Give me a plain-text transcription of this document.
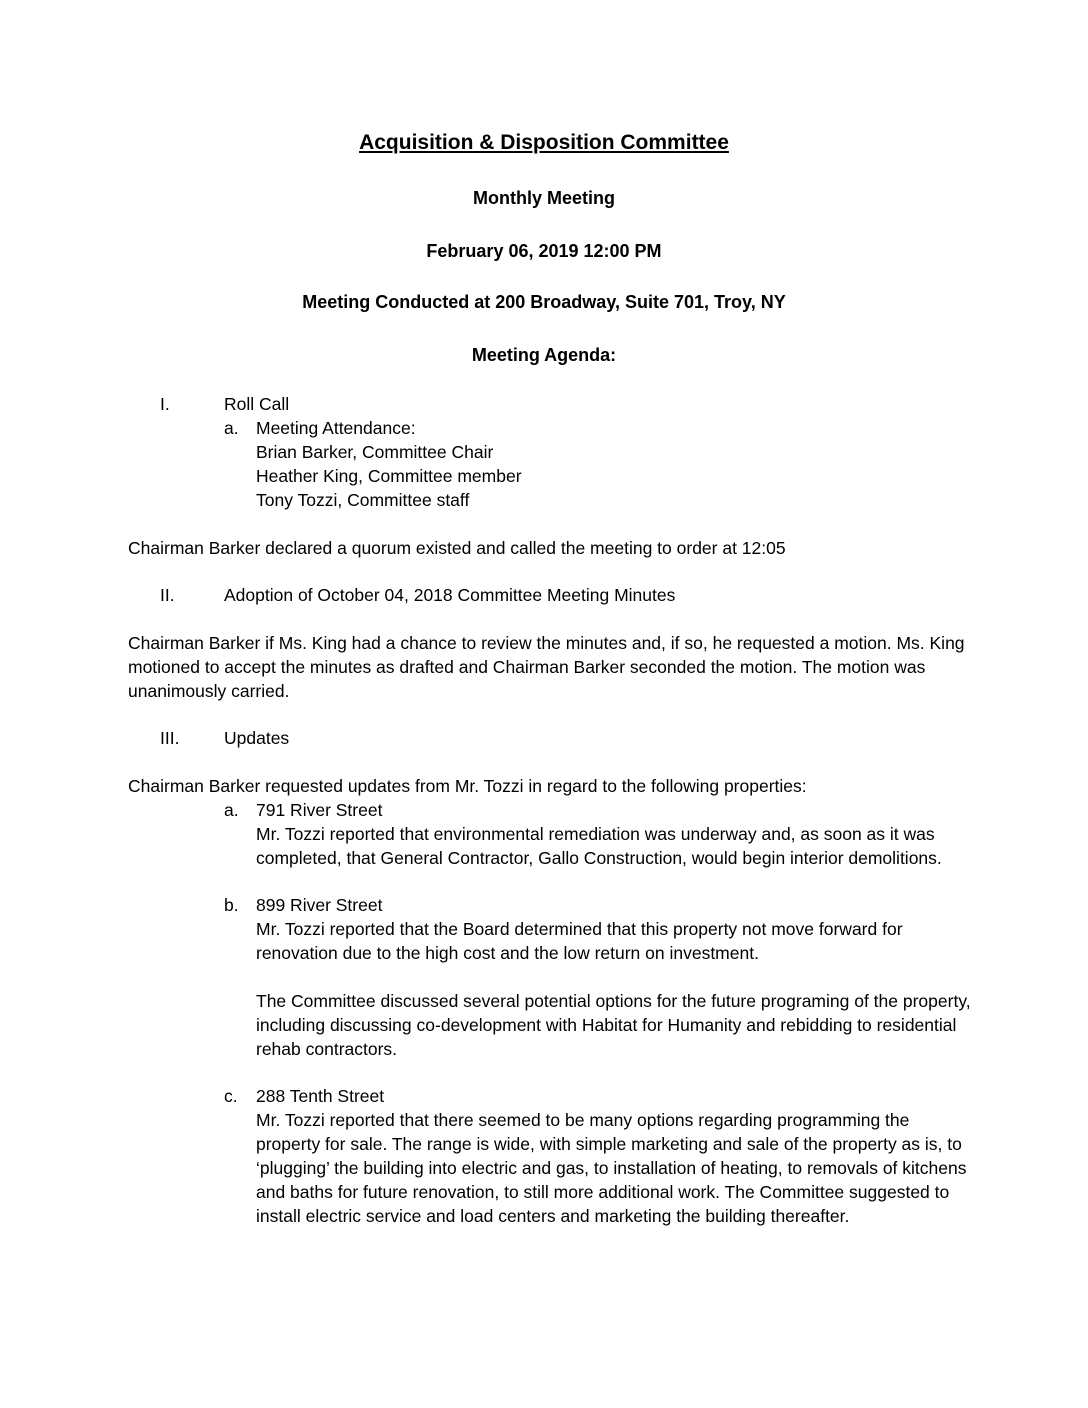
Acquisition & Disposition Committee
Monthly Meeting
February 06, 2019 12:00 PM
Meeting Conducted at 200 Broadway, Suite 701, Troy, NY
Meeting Agenda:
I.	Roll Call
a. Meeting Attendance:
Brian Barker, Committee Chair
Heather King, Committee member
Tony Tozzi, Committee staff
Chairman Barker declared a quorum existed and called the meeting to order at 12:05
II.	Adoption of October 04, 2018 Committee Meeting Minutes
Chairman Barker if Ms. King had a chance to review the minutes and, if so, he requested a motion. Ms. King motioned to accept the minutes as drafted and Chairman Barker seconded the motion. The motion was unanimously carried.
III.	Updates
Chairman Barker requested updates from Mr. Tozzi in regard to the following properties:
a. 791 River Street
Mr. Tozzi reported that environmental remediation was underway and, as soon as it was completed, that General Contractor, Gallo Construction, would begin interior demolitions.
b. 899 River Street
Mr. Tozzi reported that the Board determined that this property not move forward for renovation due to the high cost and the low return on investment.
The Committee discussed several potential options for the future programing of the property, including discussing co-development with Habitat for Humanity and rebidding to residential rehab contractors.
c. 288 Tenth Street
Mr. Tozzi reported that there seemed to be many options regarding programming the property for sale. The range is wide, with simple marketing and sale of the property as is, to ‘plugging’ the building into electric and gas, to installation of heating, to removals of kitchens and baths for future renovation, to still more additional work. The Committee suggested to install electric service and load centers and marketing the building thereafter.
